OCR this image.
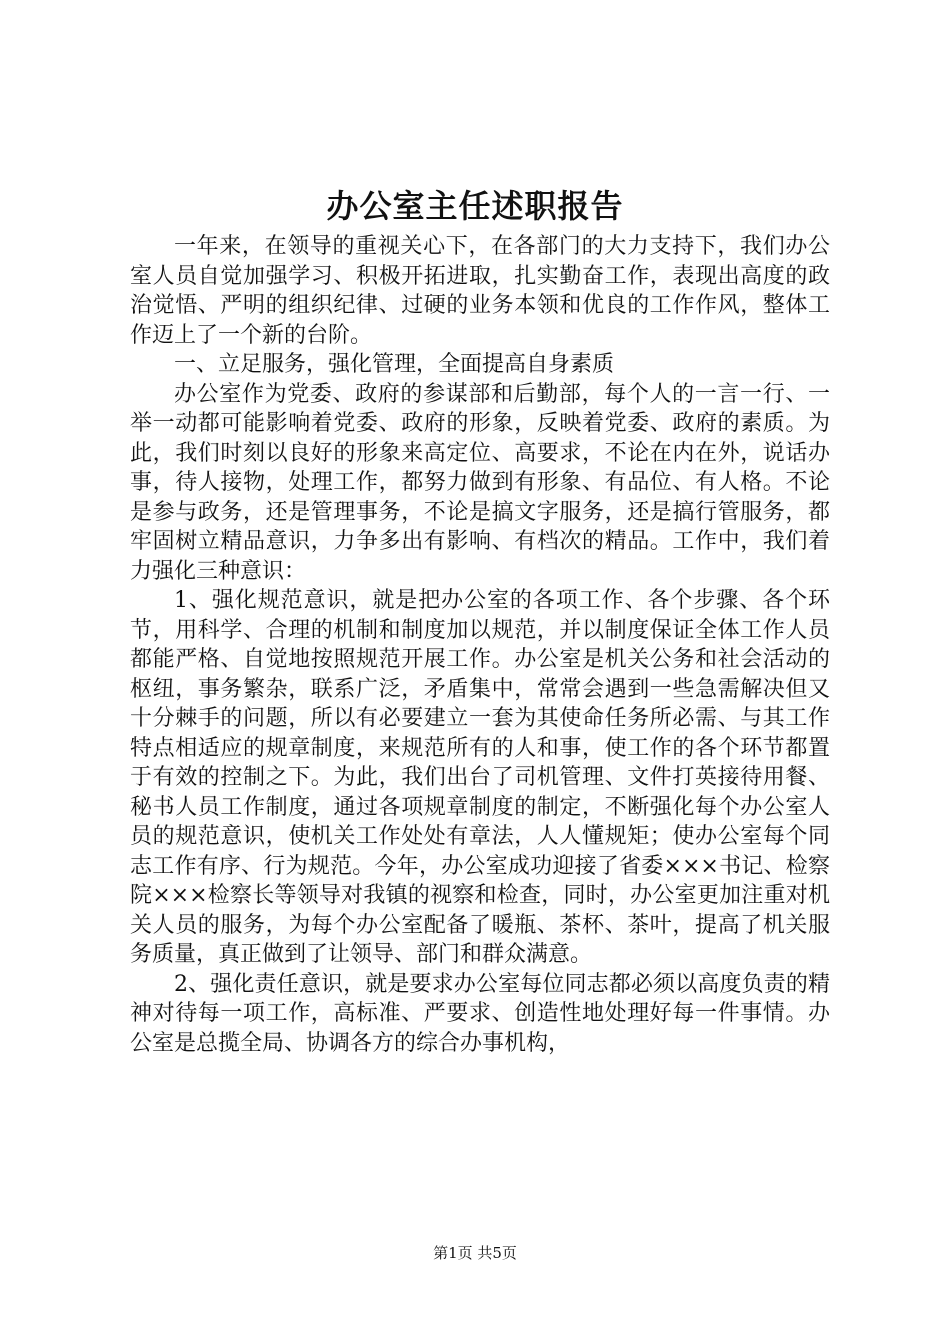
办公室主任述职报告

一年来，在领导的重视关心下，在各部门的大力支持下，我们办公室人员自觉加强学习、积极开拓进取，扎实勤奋工作，表现出高度的政治觉悟、严明的组织纪律、过硬的业务本领和优良的工作作风，整体工作迈上了一个新的台阶。

一、立足服务，强化管理，全面提高自身素质

办公室作为党委、政府的参谋部和后勤部，每个人的一言一行、一举一动都可能影响着党委、政府的形象，反映着党委、政府的素质。为此，我们时刻以良好的形象来高定位、高要求，不论在内在外，说话办事，待人接物，处理工作，都努力做到有形象、有品位、有人格。不论是参与政务，还是管理事务，不论是搞文字服务，还是搞行管服务，都牢固树立精品意识，力争多出有影响、有档次的精品。工作中，我们着力强化三种意识：

1、强化规范意识，就是把办公室的各项工作、各个步骤、各个环节，用科学、合理的机制和制度加以规范，并以制度保证全体工作人员都能严格、自觉地按照规范开展工作。办公室是机关公务和社会活动的枢纽，事务繁杂，联系广泛，矛盾集中，常常会遇到一些急需解决但又十分棘手的问题，所以有必要建立一套为其使命任务所必需、与其工作特点相适应的规章制度，来规范所有的人和事，使工作的各个环节都置于有效的控制之下。为此，我们出台了司机管理、文件打英接待用餐、秘书人员工作制度，通过各项规章制度的制定，不断强化每个办公室人员的规范意识，使机关工作处处有章法，人人懂规矩；使办公室每个同志工作有序、行为规范。今年，办公室成功迎接了省委×××书记、检察院×××检察长等领导对我镇的视察和检查，同时，办公室更加注重对机关人员的服务，为每个办公室配备了暖瓶、茶杯、茶叶，提高了机关服务质量，真正做到了让领导、部门和群众满意。

2、强化责任意识，就是要求办公室每位同志都必须以高度负责的精神对待每一项工作，高标准、严要求、创造性地处理好每一件事情。办公室是总揽全局、协调各方的综合办事机构，

第1页 共5页
